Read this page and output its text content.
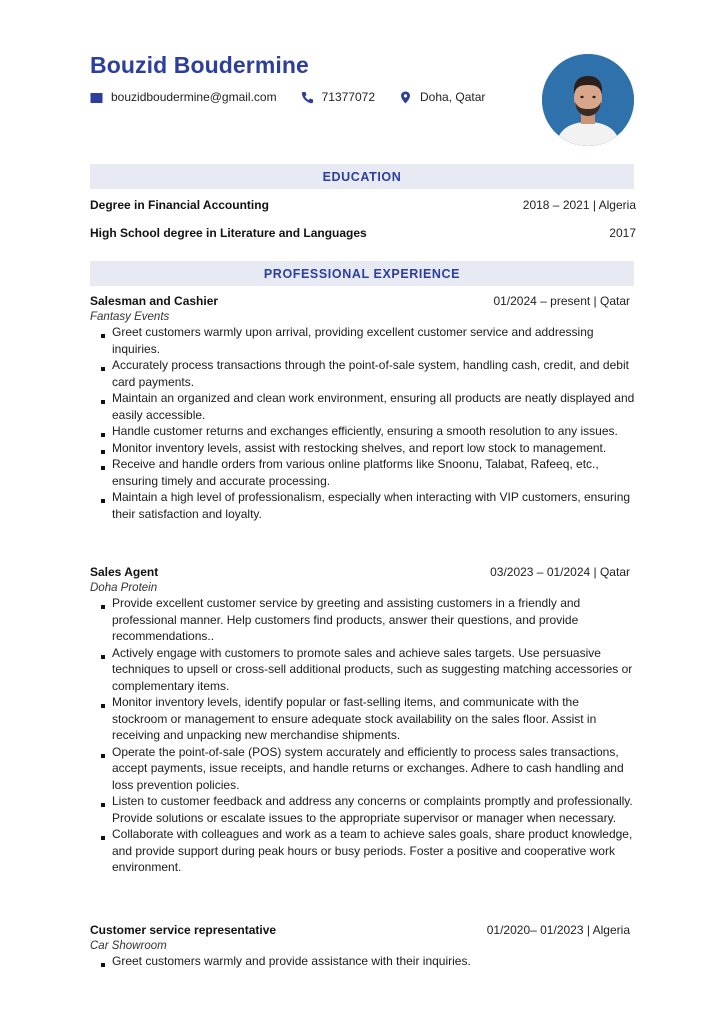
Bouzid Boudermine
bouzidboudermine@gmail.com	71377072	Doha, Qatar
EDUCATION
Degree in Financial Accounting	2018 – 2021 | Algeria
High School degree in Literature and Languages	2017
PROFESSIONAL EXPERIENCE
Salesman and Cashier	01/2024 – present | Qatar
Fantasy Events
Greet customers warmly upon arrival, providing excellent customer service and addressing inquiries.
Accurately process transactions through the point-of-sale system, handling cash, credit, and debit card payments.
Maintain an organized and clean work environment, ensuring all products are neatly displayed and easily accessible.
Handle customer returns and exchanges efficiently, ensuring a smooth resolution to any issues.
Monitor inventory levels, assist with restocking shelves, and report low stock to management.
Receive and handle orders from various online platforms like Snoonu, Talabat, Rafeeq, etc., ensuring timely and accurate processing.
Maintain a high level of professionalism, especially when interacting with VIP customers, ensuring their satisfaction and loyalty.
Sales Agent	03/2023 – 01/2024 | Qatar
Doha Protein
Provide excellent customer service by greeting and assisting customers in a friendly and professional manner. Help customers find products, answer their questions, and provide recommendations..
Actively engage with customers to promote sales and achieve sales targets. Use persuasive techniques to upsell or cross-sell additional products, such as suggesting matching accessories or complementary items.
Monitor inventory levels, identify popular or fast-selling items, and communicate with the stockroom or management to ensure adequate stock availability on the sales floor. Assist in receiving and unpacking new merchandise shipments.
Operate the point-of-sale (POS) system accurately and efficiently to process sales transactions, accept payments, issue receipts, and handle returns or exchanges. Adhere to cash handling and loss prevention policies.
Listen to customer feedback and address any concerns or complaints promptly and professionally. Provide solutions or escalate issues to the appropriate supervisor or manager when necessary.
Collaborate with colleagues and work as a team to achieve sales goals, share product knowledge, and provide support during peak hours or busy periods. Foster a positive and cooperative work environment.
Customer service representative	01/2020– 01/2023 | Algeria
Car Showroom
Greet customers warmly and provide assistance with their inquiries.
